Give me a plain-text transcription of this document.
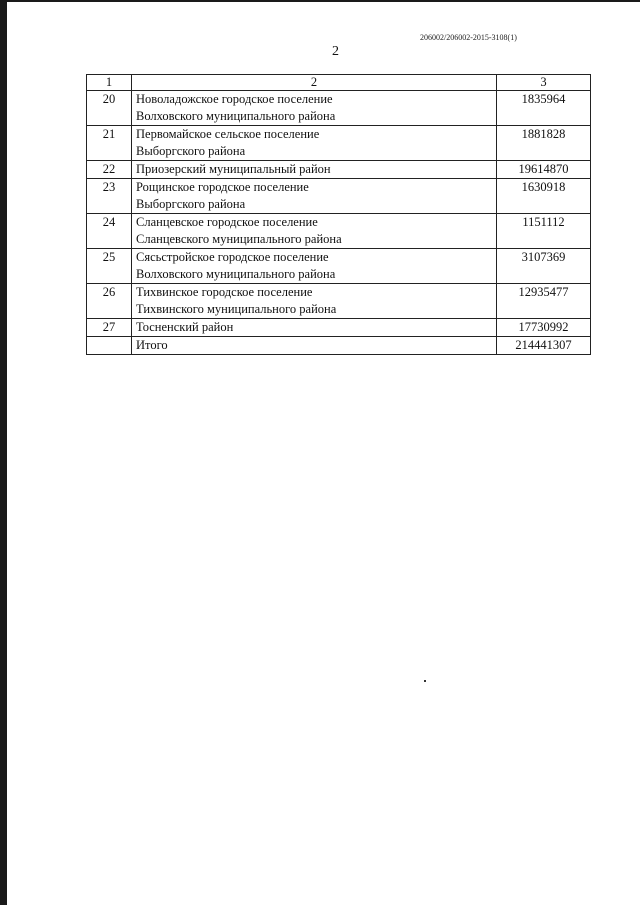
206002/206002-2015-3108(1)
2
1	2	3
20	Новоладожское городское поселение
Волховского муниципального района	1835964
21	Первомайское сельское поселение
Выборгского района	1881828
22	Приозерский муниципальный район	19614870
23	Рощинское городское поселение
Выборгского района	1630918
24	Сланцевское городское поселение
Сланцевского муниципального района	1151112
25	Сясьстройское городское поселение
Волховского муниципального района	3107369
26	Тихвинское городское поселение
Тихвинского муниципального района	12935477
27	Тосненский район	17730992
	Итого	214441307
